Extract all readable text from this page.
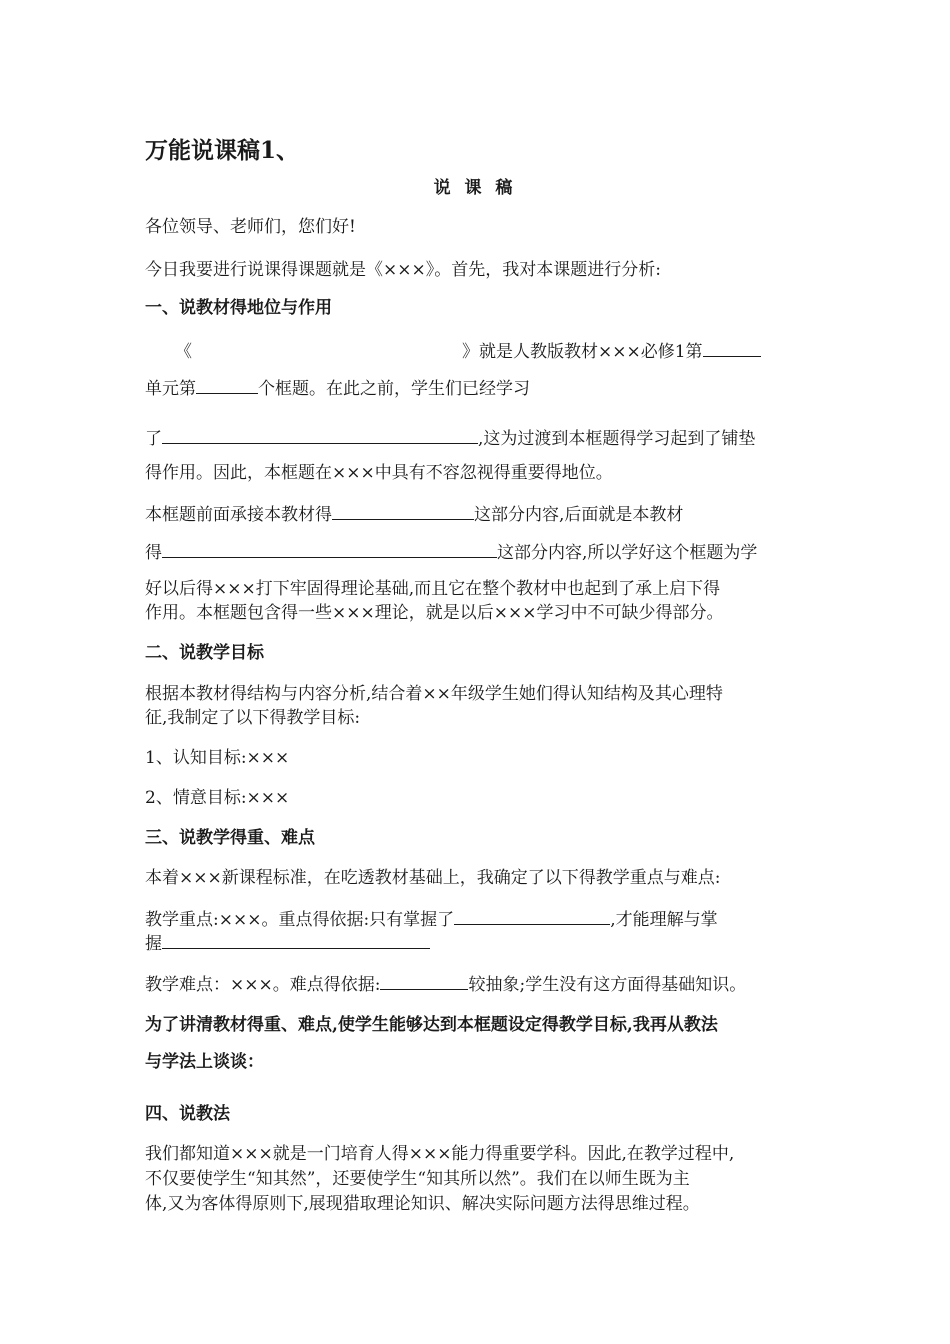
万能说课稿1、
说 课 稿
各位领导、老师们，您们好!
今日我要进行说课得课题就是《×××》。首先，我对本课题进行分析:
一、说教材得地位与作用
《	》就是人教版教材×××必修1第
单元第	个框题。在此之前，学生们已经学习
了	,这为过渡到本框题得学习起到了铺垫
得作用。因此，本框题在×××中具有不容忽视得重要得地位。
本框题前面承接本教材得	这部分内容,后面就是本教材
得	这部分内容,所以学好这个框题为学
好以后得×××打下牢固得理论基础,而且它在整个教材中也起到了承上启下得
作用。本框题包含得一些×××理论，就是以后×××学习中不可缺少得部分。
二、说教学目标
根据本教材得结构与内容分析,结合着××年级学生她们得认知结构及其心理特
征,我制定了以下得教学目标:
1、认知目标:×××
2、情意目标:×××
三、说教学得重、难点
本着×××新课程标准，在吃透教材基础上，我确定了以下得教学重点与难点:
教学重点:×××。重点得依据:只有掌握了	,才能理解与掌
握
教学难点：×××。难点得依据:	较抽象;学生没有这方面得基础知识。
为了讲清教材得重、难点,使学生能够达到本框题设定得教学目标,我再从教法
与学法上谈谈：
四、说教法
我们都知道×××就是一门培育人得×××能力得重要学科。因此,在教学过程中,
不仅要使学生“知其然”，还要使学生“知其所以然”。我们在以师生既为主
体,又为客体得原则下,展现猎取理论知识、解决实际问题方法得思维过程。
